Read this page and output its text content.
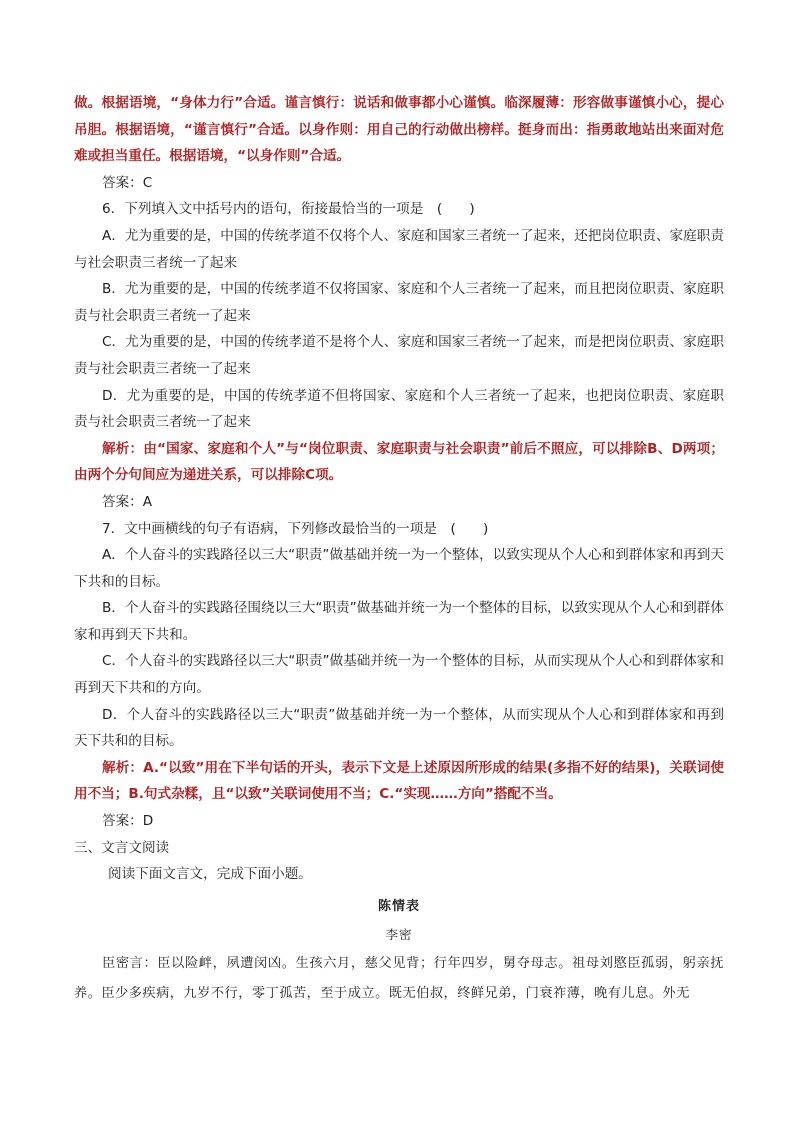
做。根据语境，“身体力行”合适。谨言慎行：说话和做事都小心谨慎。临深履薄：形容做事谨慎小心，提心吊胆。根据语境，“谨言慎行”合适。以身作则：用自己的行动做出榜样。挺身而出：指勇敢地站出来面对危难或担当重任。根据语境，“以身作则”合适。

答案：C

6．下列填入文中括号内的语句，衔接最恰当的一项是　(　　)

A．尤为重要的是，中国的传统孝道不仅将个人、家庭和国家三者统一了起来，还把岗位职责、家庭职责与社会职责三者统一了起来

B．尤为重要的是，中国的传统孝道不仅将国家、家庭和个人三者统一了起来，而且把岗位职责、家庭职责与社会职责三者统一了起来

C．尤为重要的是，中国的传统孝道不是将个人、家庭和国家三者统一了起来，而是把岗位职责、家庭职责与社会职责三者统一了起来

D．尤为重要的是，中国的传统孝道不但将国家、家庭和个人三者统一了起来，也把岗位职责、家庭职责与社会职责三者统一了起来

解析：由“国家、家庭和个人”与“岗位职责、家庭职责与社会职责”前后不照应，可以排除B、D两项；由两个分句间应为递进关系，可以排除C项。

答案：A

7．文中画横线的句子有语病，下列修改最恰当的一项是　(　　)

A．个人奋斗的实践路径以三大“职责”做基础并统一为一个整体，以致实现从个人心和到群体家和再到天下共和的目标。

B．个人奋斗的实践路径围绕以三大“职责”做基础并统一为一个整体的目标，以致实现从个人心和到群体家和再到天下共和。

C．个人奋斗的实践路径以三大“职责”做基础并统一为一个整体的目标，从而实现从个人心和到群体家和再到天下共和的方向。

D．个人奋斗的实践路径以三大“职责”做基础并统一为一个整体，从而实现从个人心和到群体家和再到天下共和的目标。

解析：A.“以致”用在下半句话的开头，表示下文是上述原因所形成的结果(多指不好的结果)，关联词使用不当；B.句式杂糅，且“以致”关联词使用不当；C.“实现……方向”搭配不当。

答案：D

三、文言文阅读

阅读下面文言文，完成下面小题。

陈情表

李密

臣密言：臣以险衅，夙遭闵凶。生孩六月，慈父见背；行年四岁，舅夺母志。祖母刘愍臣孤弱，躬亲抚养。臣少多疾病，九岁不行，零丁孤苦，至于成立。既无伯叔，终鲜兄弟，门衰祚薄，晚有儿息。外无
